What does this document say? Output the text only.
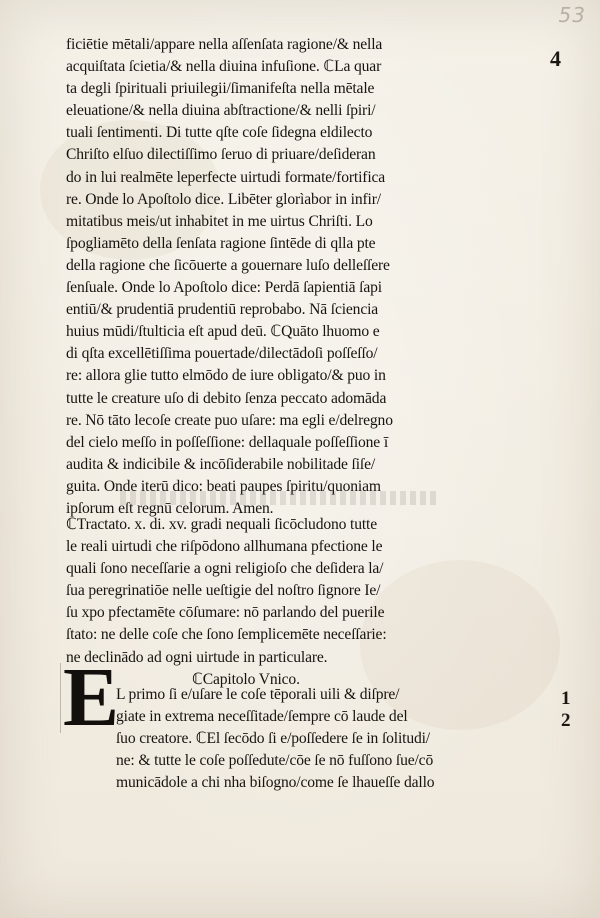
53
4
1
2
ficiētie mētali/appare nella aſſenſata ragione/& nella
acquiſtata ſcietia/& nella diuina infuſione. ℂLa quar
ta degli ſpirituali priuilegii/ſimanifeſta nella mētale
eleuatione/& nella diuina abſtractione/& nelli ſpiri/
tuali ſentimenti. Di tutte qſte coſe ſidegna eldilecto
Chriſto elſuo dilectiſſimo ſeruo di priuare/deſideran
do in lui realmēte leperfecte uirtudi formate/fortifica
re. Onde lo Apoſtolo dice. Libēter glorìabor in infir/
mitatibus meis/ut inhabitet in me uirtus Chriſti. Lo
ſpogliamēto della ſenſata ragione ſintēde di qlla pte
della ragione che ſicōuerte a gouernare luſo delleſſere
ſenſuale. Onde lo Apoſtolo dice: Perdā ſapientiā ſapi
entiū/& prudentiā prudentiū reprobabo. Nā ſciencia
huius mūdi/ſtulticia eſt apud deū. ℂQuāto lhuomo e
di qſta excellētiſſima pouertade/dilectādoſi poſſeſſo/
re: allora glie tutto elmōdo de iure obligato/& puo in
tutte le creature uſo di debito ſenza peccato adomāda
re. Nō tāto lecoſe create puo uſare: ma egli e/delregno
del cielo meſſo in poſſeſſione: dellaquale poſſeſſione ī
audita & indicibile & incōſiderabile nobilitade ſiſe/
guita. Onde iterū dico: beati paupes ſpiritu/quoniam
ipſorum eſt regnū celorum. Amen.
ℂTractato. x. di. xv. gradi nequali ſicōcludono tutte
le reali uirtudi che riſpōdono allhumana pfectione le
quali ſono neceſſarie a ogni religioſo che deſidera la/
ſua peregrinatiōe nelle ueſtigie del noſtro ſignore Ie/
ſu xpo pfectamēte cōſumare: nō parlando del puerile
ſtato: ne delle coſe che ſono ſemplicemēte neceſſarie:
ne declinādo ad ogni uirtude in particulare.
ℂCapitolo Vnico.
E
L primo ſi e/uſare le coſe tēporali uili & diſpre/
giate in extrema neceſſitade/ſempre cō laude del
ſuo creatore. ℂEl ſecōdo ſi e/poſſedere ſe in ſolitudi/
ne: & tutte le coſe poſſedute/cōe ſe nō fuſſono ſue/cō
municādole a chi nha biſogno/come ſe lhaueſſe dallo
